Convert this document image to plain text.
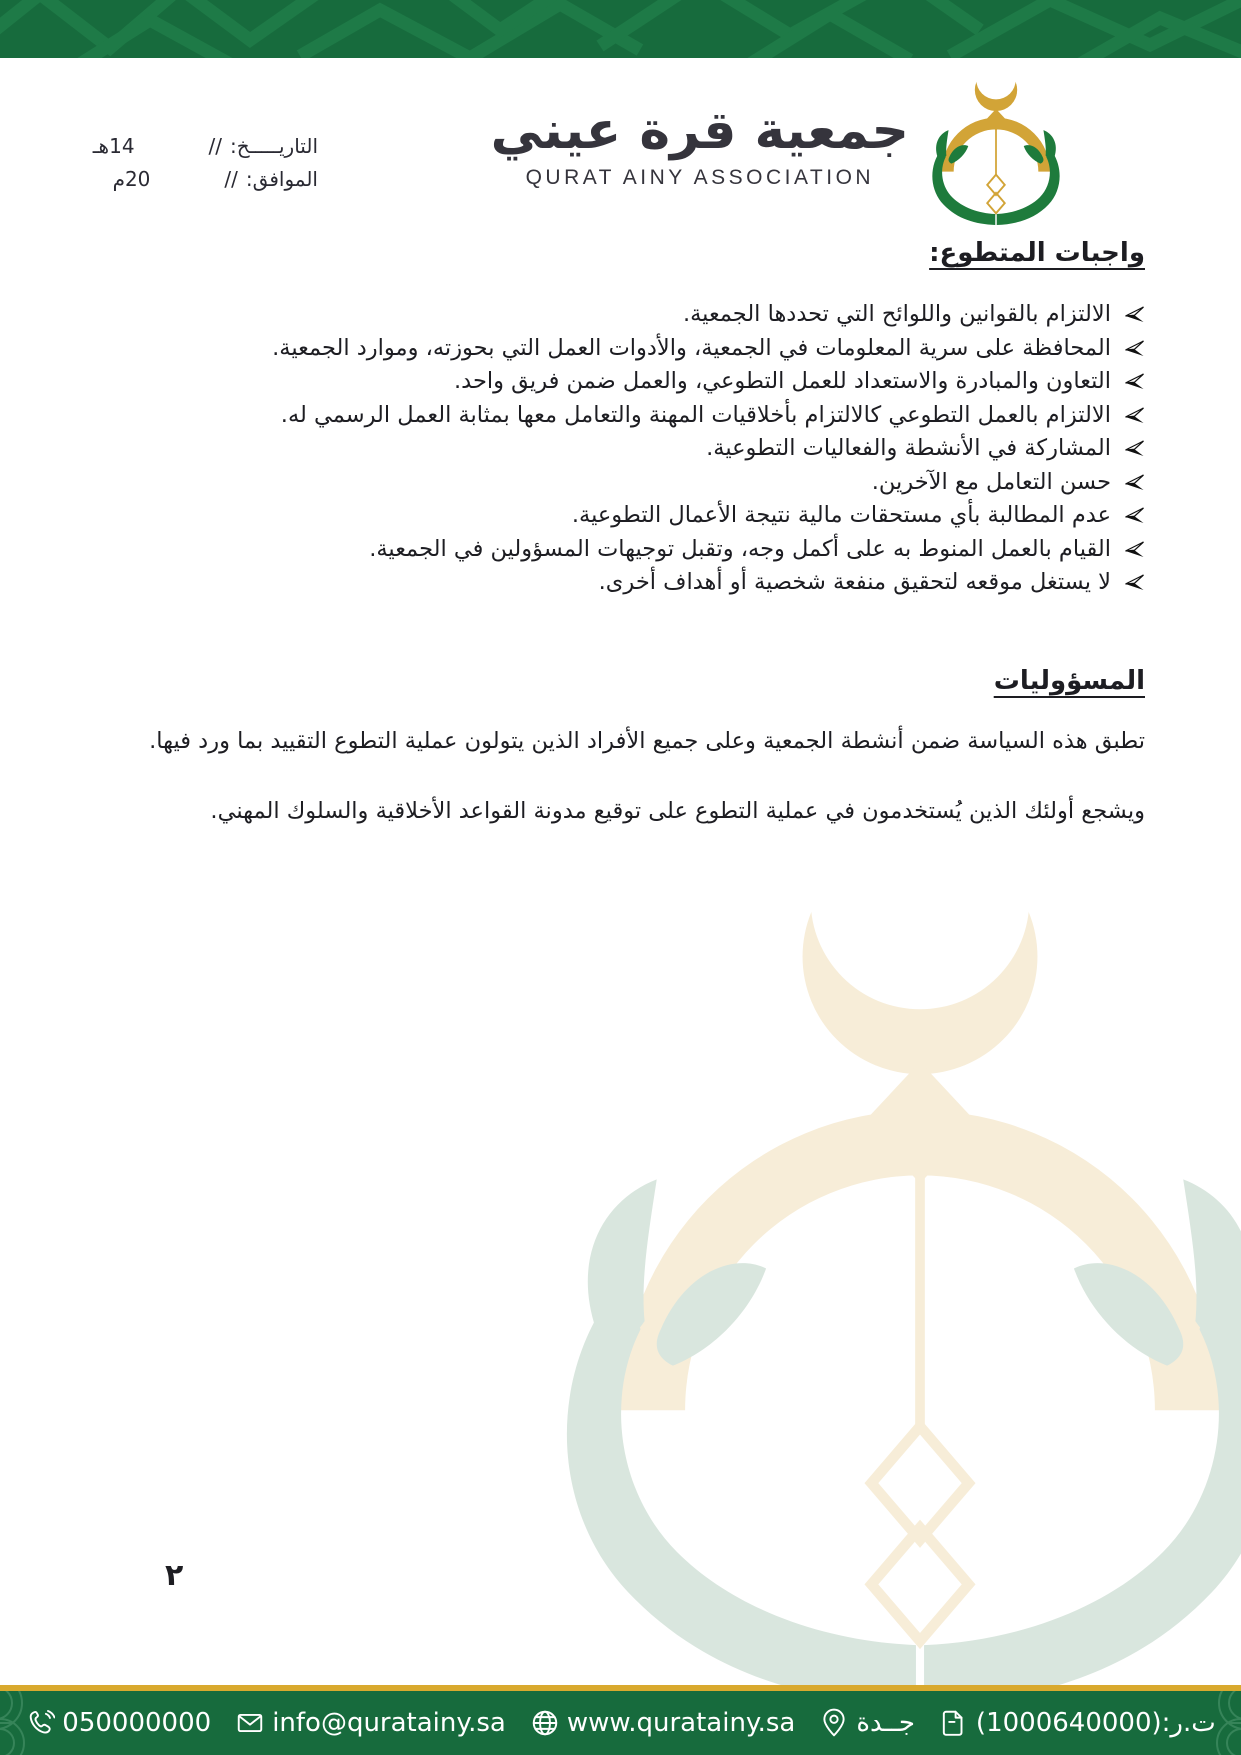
جمعية قرة عيني
QURAT AINY ASSOCIATION
التاريـــــخ:
/
/
14هـ
الموافق:
/
/
20م
واجبات المتطوع:
الالتزام بالقوانين واللوائح التي تحددها الجمعية.
المحافظة على سرية المعلومات في الجمعية، والأدوات العمل التي بحوزته، وموارد الجمعية.
التعاون والمبادرة والاستعداد للعمل التطوعي، والعمل ضمن فريق واحد.
الالتزام بالعمل التطوعي كالالتزام بأخلاقيات المهنة والتعامل معها بمثابة العمل الرسمي له.
المشاركة في الأنشطة والفعاليات التطوعية.
حسن التعامل مع الآخرين.
عدم المطالبة بأي مستحقات مالية نتيجة الأعمال التطوعية.
القيام بالعمل المنوط به على أكمل وجه، وتقبل توجيهات المسؤولين في الجمعية.
لا يستغل موقعه لتحقيق منفعة شخصية أو أهداف أخرى.
المسؤوليات

تطبق هذه السياسة ضمن أنشطة الجمعية وعلى جميع الأفراد الذين يتولون عملية التطوع التقييد بما ورد فيها.

ويشجع أولئك الذين يُستخدمون في عملية التطوع على توقيع مدونة القواعد الأخلاقية والسلوك المهني.

٢
ت.ر:(1000640000)
جــدة
www.quratainy.sa
info@quratainy.sa
050000000
